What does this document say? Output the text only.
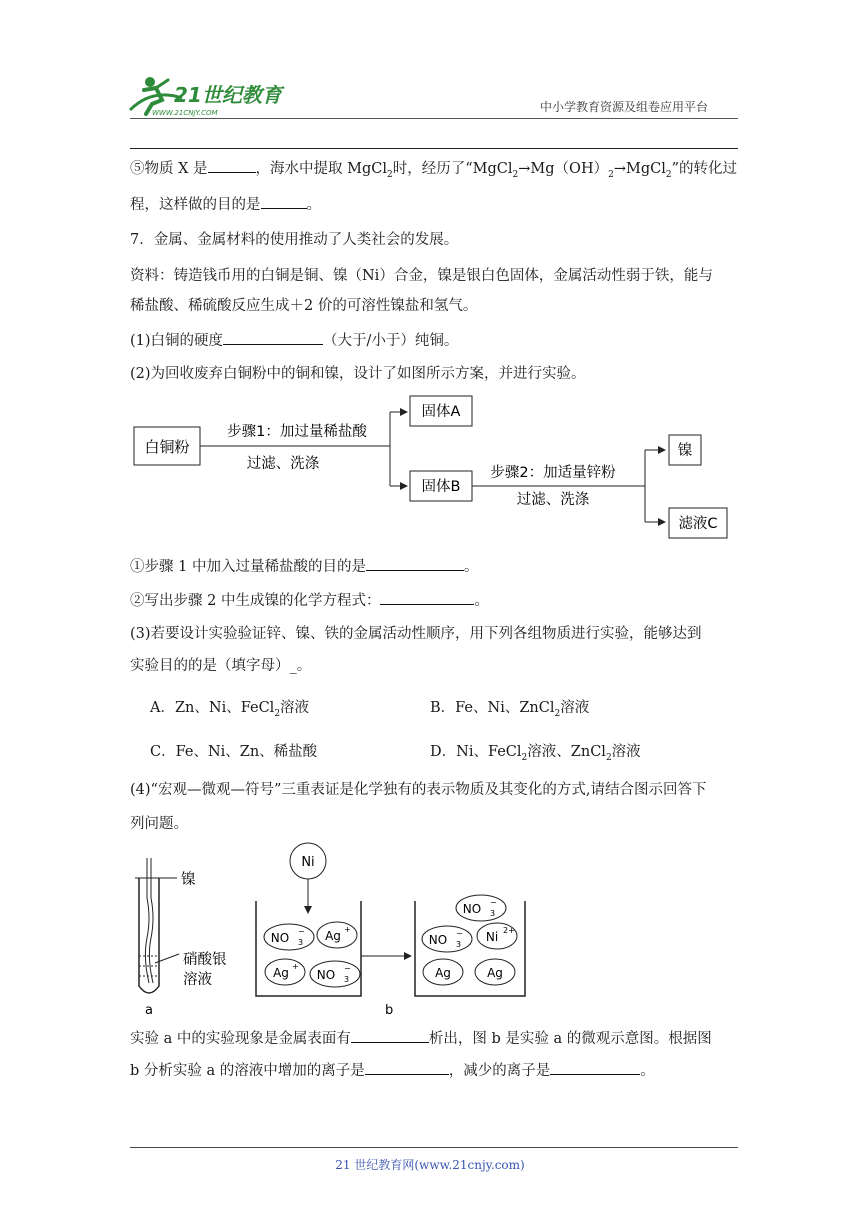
21世纪教育
WWW.21CNJY.COM	中小学教育资源及组卷应用平台
⑤物质 X 是	，海水中提取 MgCl$_2$时，经历了“$MgCl_2\to Mg(OH)_2\to MgCl_2$”的转化过
程，这样做的目的是	。
7．金属、金属材料的使用推动了人类社会的发展。
资料：铸造钱币用的白铜是铜、镍（Ni）合金，镍是银白色固体，金属活动性弱于铁，能与
稀盐酸、稀硫酸反应生成＋2 价的可溶性镍盐和氢气。
(1)白铜的硬度	（大于/小于）纯铜。
(2)为回收废弃白铜粉中的铜和镍，设计了如图所示方案，并进行实验。
白铜粉
步骤1：加过量稀盐酸
过滤、洗涤
固体A
固体B
步骤2：加适量锌粉
过滤、洗涤
镍
滤液C
①步骤 1 中加入过量稀盐酸的目的是	。
②写出步骤 2 中生成镍的化学方程式：	。
(3)若要设计实验验证锌、镍、铁的金属活动性顺序，用下列各组物质进行实验，能够达到
实验目的的是（填字母）_。
A．Zn、Ni、FeCl$_2$溶液	B．Fe、Ni、ZnCl$_2$溶液
C．Fe、Ni、Zn、稀盐酸	D．Ni、FeCl$_2$溶液、ZnCl$_2$溶液
(4)“宏观—微观—符号”三重表证是化学独有的表示物质及其变化的方式,请结合图示回答下
列问题。
镍
硝酸银
溶液
a	b
Ni
NO 3
− Ag +
Ag +
NO 3
−
NO 3
−
NO 3
− Ni 2+
Ag	Ag
实验 a 中的实验现象是金属表面有	析出，图 b 是实验 a 的微观示意图。根据图
b 分析实验 a 的溶液中增加的离子是	，减少的离子是	。
21 世纪教育网(www.21cnjy.com)
